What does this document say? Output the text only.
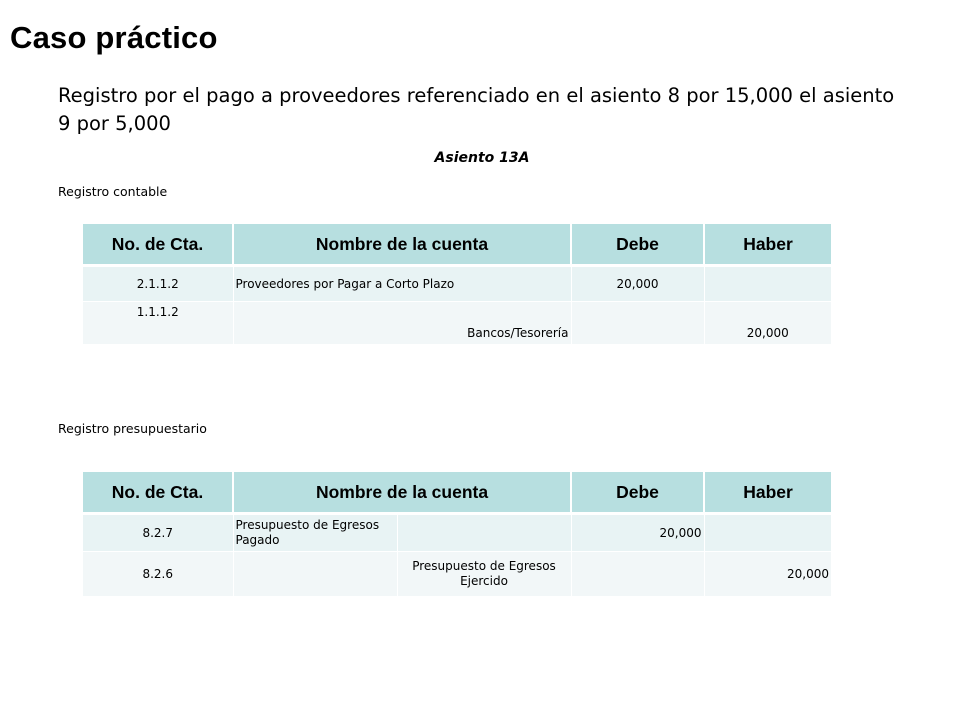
Caso práctico

Registro por el pago a proveedores referenciado en el asiento 8 por 15,000 el asiento 9 por 5,000

Asiento 13A
Registro contable
No. de Cta.	Nombre de la cuenta	Debe	Haber
2.1.1.2	Proveedores por Pagar a Corto Plazo	20,000	
1.1.1.2	Bancos/Tesorería		20,000
Registro presupuestario
No. de Cta.	Nombre de la cuenta		Debe	Haber
8.2.7	Presupuesto de Egresos Pagado		20,000	
8.2.6		Presupuesto de Egresos Ejercido		20,000
